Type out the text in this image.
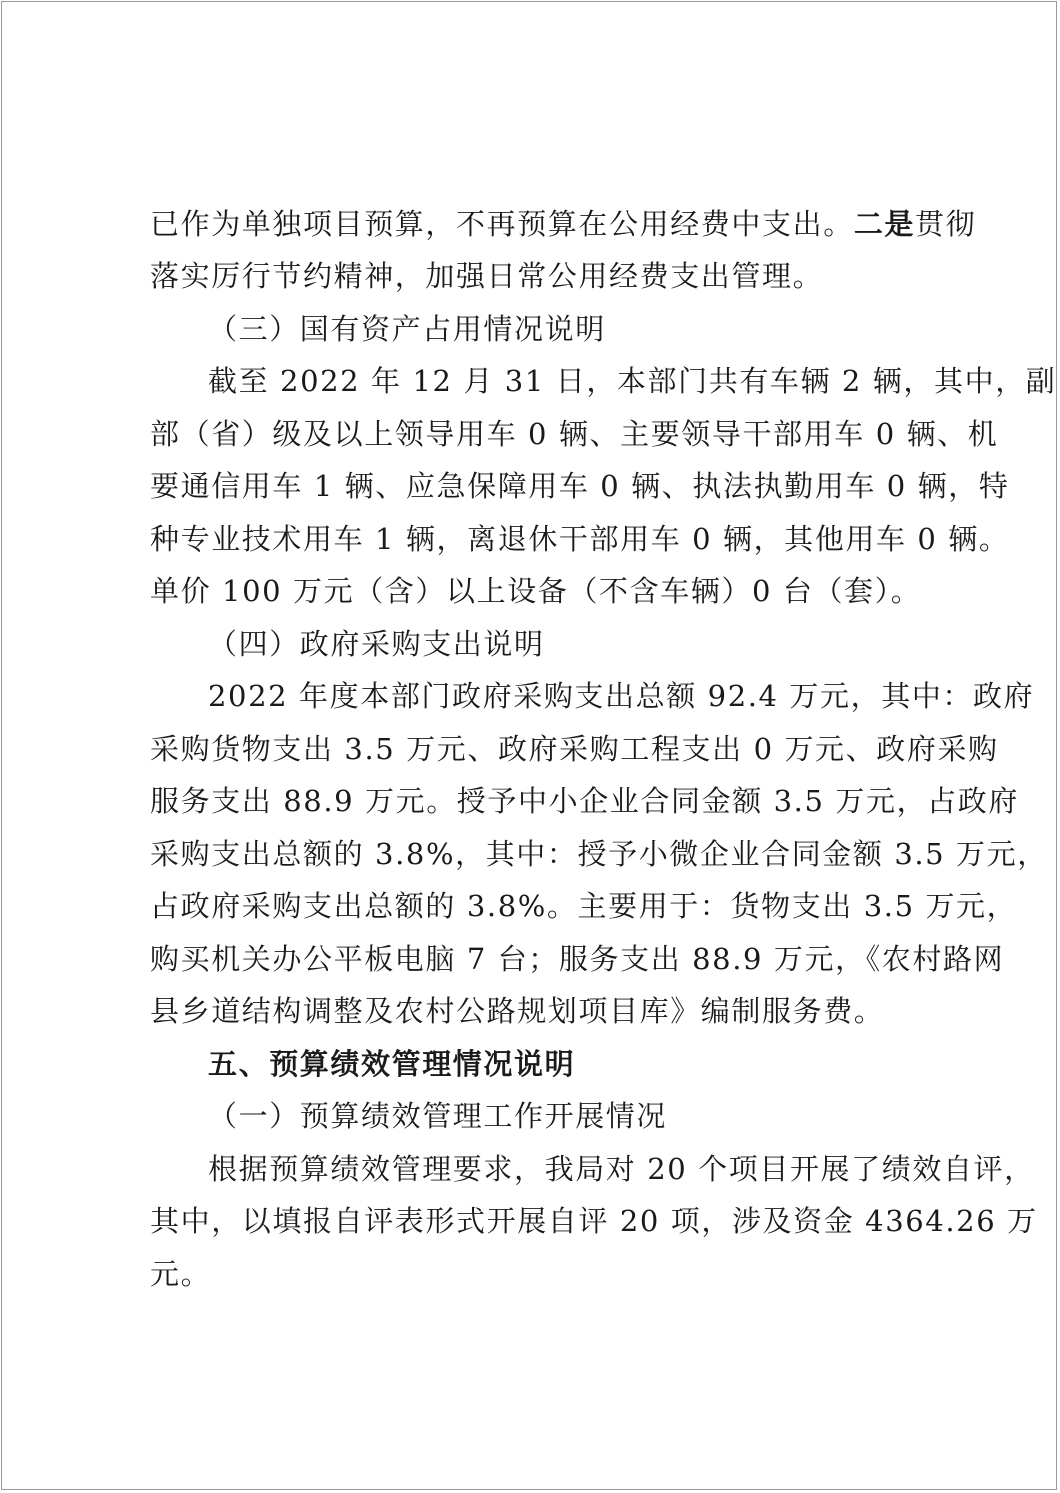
已作为单独项目预算，不再预算在公用经费中支出。二是贯彻
落实厉行节约精神，加强日常公用经费支出管理。
（三）国有资产占用情况说明
截至 2022 年 12 月 31 日，本部门共有车辆 2 辆，其中，副
部（省）级及以上领导用车 0 辆、主要领导干部用车 0 辆、机
要通信用车 1 辆、应急保障用车 0 辆、执法执勤用车 0 辆，特
种专业技术用车 1 辆，离退休干部用车 0 辆，其他用车 0 辆。
单价 100 万元（含）以上设备（不含车辆）0 台（套）。
（四）政府采购支出说明
2022 年度本部门政府采购支出总额 92.4 万元，其中：政府
采购货物支出 3.5 万元、政府采购工程支出 0 万元、政府采购
服务支出 88.9 万元。授予中小企业合同金额 3.5 万元，占政府
采购支出总额的 3.8%，其中：授予小微企业合同金额 3.5 万元，
占政府采购支出总额的 3.8%。主要用于：货物支出 3.5 万元，
购买机关办公平板电脑 7 台；服务支出 88.9 万元，《农村路网
县乡道结构调整及农村公路规划项目库》编制服务费。
五、预算绩效管理情况说明
（一）预算绩效管理工作开展情况
根据预算绩效管理要求，我局对 20 个项目开展了绩效自评，
其中，以填报自评表形式开展自评 20 项，涉及资金 4364.26 万
元。
